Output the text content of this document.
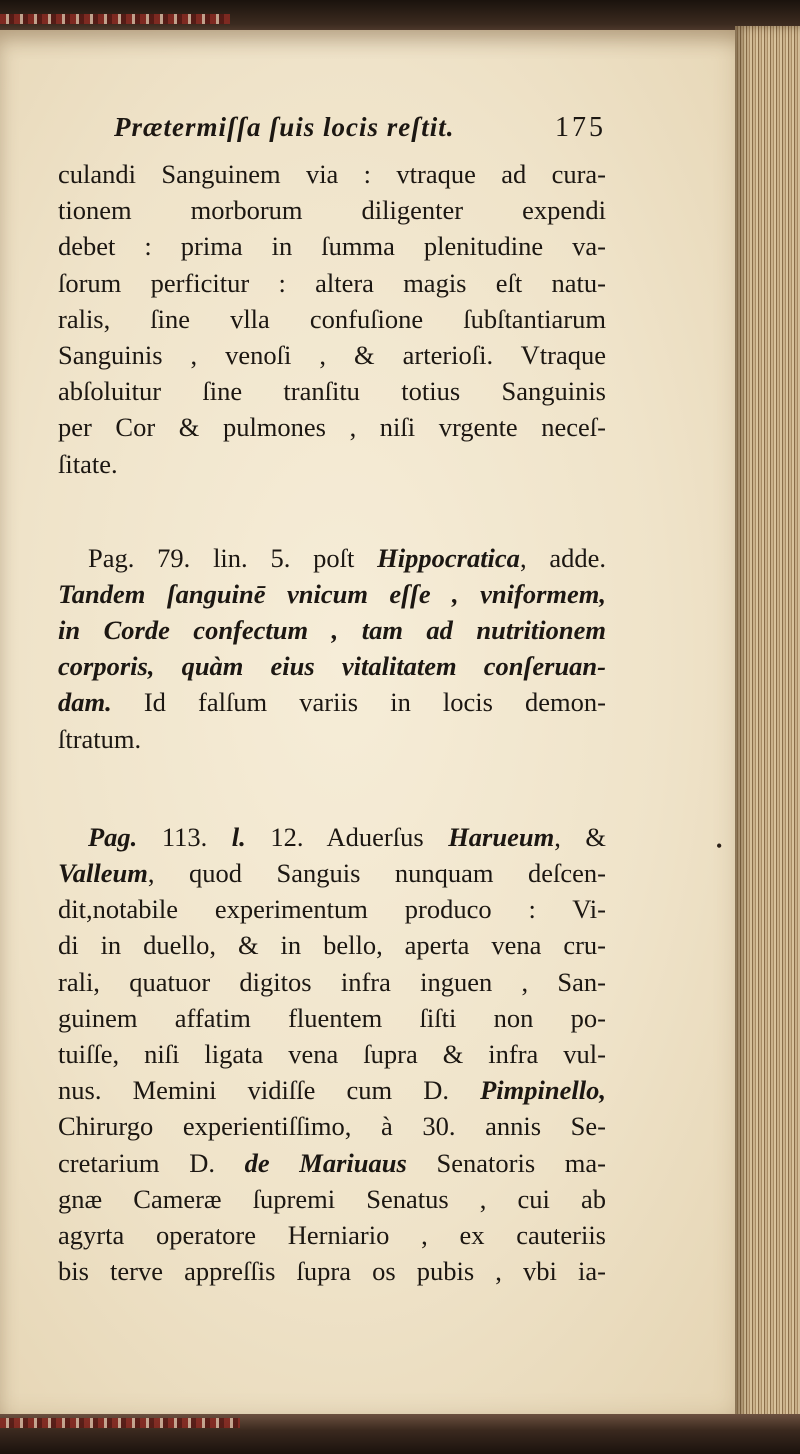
•
Prætermiſſa ſuis locis reſtit.	175
culandi Sanguinem via : vtraque ad cura-
tionem morborum diligenter expendi
debet : prima in ſumma plenitudine va-
ſorum perficitur : altera magis eſt natu-
ralis, ſine vlla confuſione ſubſtantiarum
Sanguinis , venoſi , & arterioſi. Vtraque
abſoluitur ſine tranſitu totius Sanguinis
per Cor & pulmones , niſi vrgente neceſ-
ſitate.
Pag. 79. lin. 5. poſt Hippocratica, adde.
Tandem ſanguinē vnicum eſſe , vniformem,
in Corde confectum , tam ad nutritionem
corporis, quàm eius vitalitatem conſeruan-
dam. Id falſum variis in locis demon-
ſtratum.
Pag. 113. l. 12. Aduerſus Harueum, &
Valleum, quod Sanguis nunquam deſcen-
dit,notabile experimentum produco : Vi-
di in duello, & in bello, aperta vena cru-
rali, quatuor digitos infra inguen , San-
guinem affatim fluentem ſiſti non po-
tuiſſe, niſi ligata vena ſupra & infra vul-
nus. Memini vidiſſe cum D. Pimpinello,
Chirurgo experientiſſimo, à 30. annis Se-
cretarium D. de Mariuaus Senatoris ma-
gnæ Cameræ ſupremi Senatus , cui ab
agyrta operatore Herniario , ex cauteriis
bis terve appreſſis ſupra os pubis , vbi ia-
